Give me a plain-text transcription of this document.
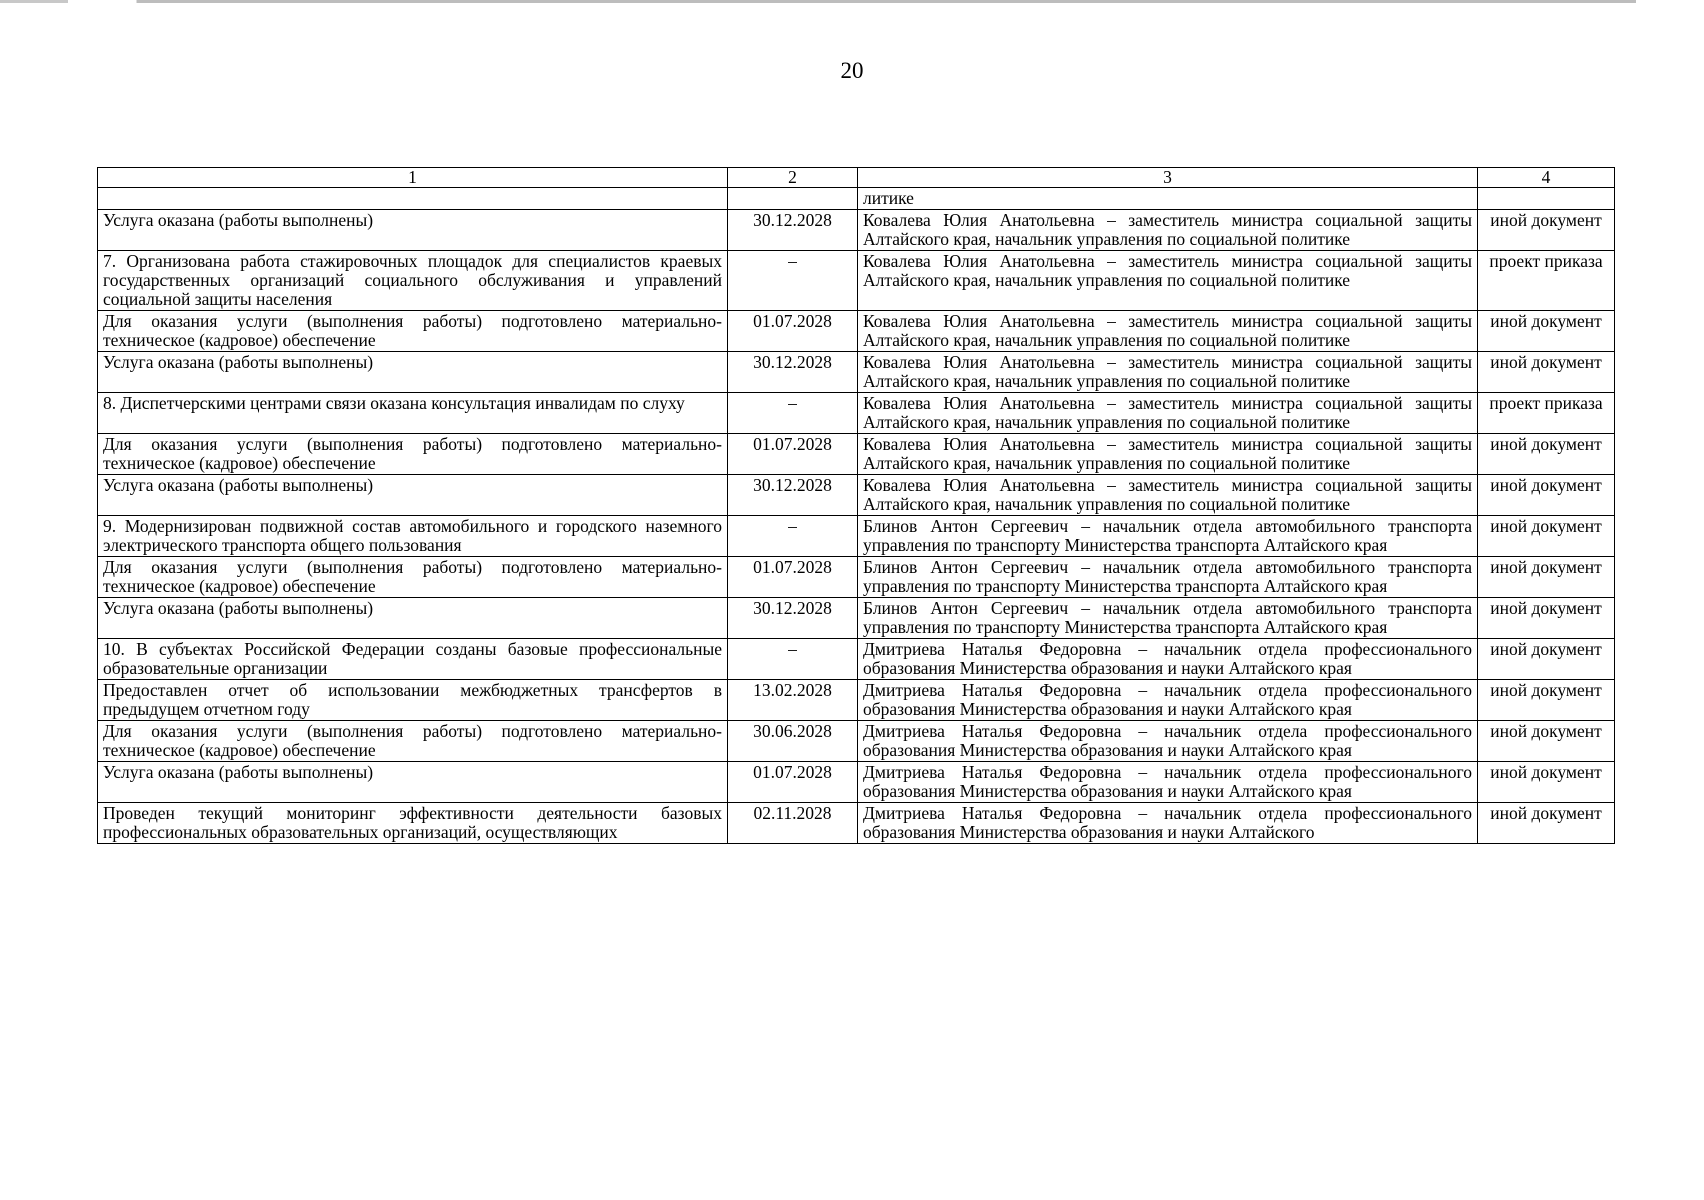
20
1	2	3	4
		литике	
Услуга оказана (работы выполнены)	30.12.2028	Ковалева Юлия Анатольевна – заместитель министра социальной защиты Алтайского края, начальник управления по социальной политике	иной документ
7. Организована работа стажировочных площадок для специалистов краевых государственных организаций социального обслуживания и управлений социальной защиты населения	–	Ковалева Юлия Анатольевна – заместитель министра социальной защиты Алтайского края, начальник управления по социальной политике	проект приказа
Для оказания услуги (выполнения работы) подготовлено материально-техническое (кадровое) обеспечение	01.07.2028	Ковалева Юлия Анатольевна – заместитель министра социальной защиты Алтайского края, начальник управления по социальной политике	иной документ
Услуга оказана (работы выполнены)	30.12.2028	Ковалева Юлия Анатольевна – заместитель министра социальной защиты Алтайского края, начальник управления по социальной политике	иной документ
8. Диспетчерскими центрами связи оказана консультация инвалидам по слуху	–	Ковалева Юлия Анатольевна – заместитель министра социальной защиты Алтайского края, начальник управления по социальной политике	проект приказа
Для оказания услуги (выполнения работы) подготовлено материально-техническое (кадровое) обеспечение	01.07.2028	Ковалева Юлия Анатольевна – заместитель министра социальной защиты Алтайского края, начальник управления по социальной политике	иной документ
Услуга оказана (работы выполнены)	30.12.2028	Ковалева Юлия Анатольевна – заместитель министра социальной защиты Алтайского края, начальник управления по социальной политике	иной документ
9. Модернизирован подвижной состав автомобильного и городского наземного электрического транспорта общего пользования	–	Блинов Антон Сергеевич – начальник отдела автомобильного транспорта управления по транспорту Министерства транспорта Алтайского края	иной документ
Для оказания услуги (выполнения работы) подготовлено материально-техническое (кадровое) обеспечение	01.07.2028	Блинов Антон Сергеевич – начальник отдела автомобильного транспорта управления по транспорту Министерства транспорта Алтайского края	иной документ
Услуга оказана (работы выполнены)	30.12.2028	Блинов Антон Сергеевич – начальник отдела автомобильного транспорта управления по транспорту Министерства транспорта Алтайского края	иной документ
10. В субъектах Российской Федерации созданы базовые профессиональные образовательные организации	–	Дмитриева Наталья Федоровна – начальник отдела профессионального образования Министерства образования и науки Алтайского края	иной документ
Предоставлен отчет об использовании межбюджетных трансфертов в предыдущем отчетном году	13.02.2028	Дмитриева Наталья Федоровна – начальник отдела профессионального образования Министерства образования и науки Алтайского края	иной документ
Для оказания услуги (выполнения работы) подготовлено материально-техническое (кадровое) обеспечение	30.06.2028	Дмитриева Наталья Федоровна – начальник отдела профессионального образования Министерства образования и науки Алтайского края	иной документ
Услуга оказана (работы выполнены)	01.07.2028	Дмитриева Наталья Федоровна – начальник отдела профессионального образования Министерства образования и науки Алтайского края	иной документ
Проведен текущий мониторинг эффективности деятельности базовых профессиональных образовательных организаций, осуществляющих	02.11.2028	Дмитриева Наталья Федоровна – начальник отдела профессионального образования Министерства образования и науки Алтайского	иной документ
